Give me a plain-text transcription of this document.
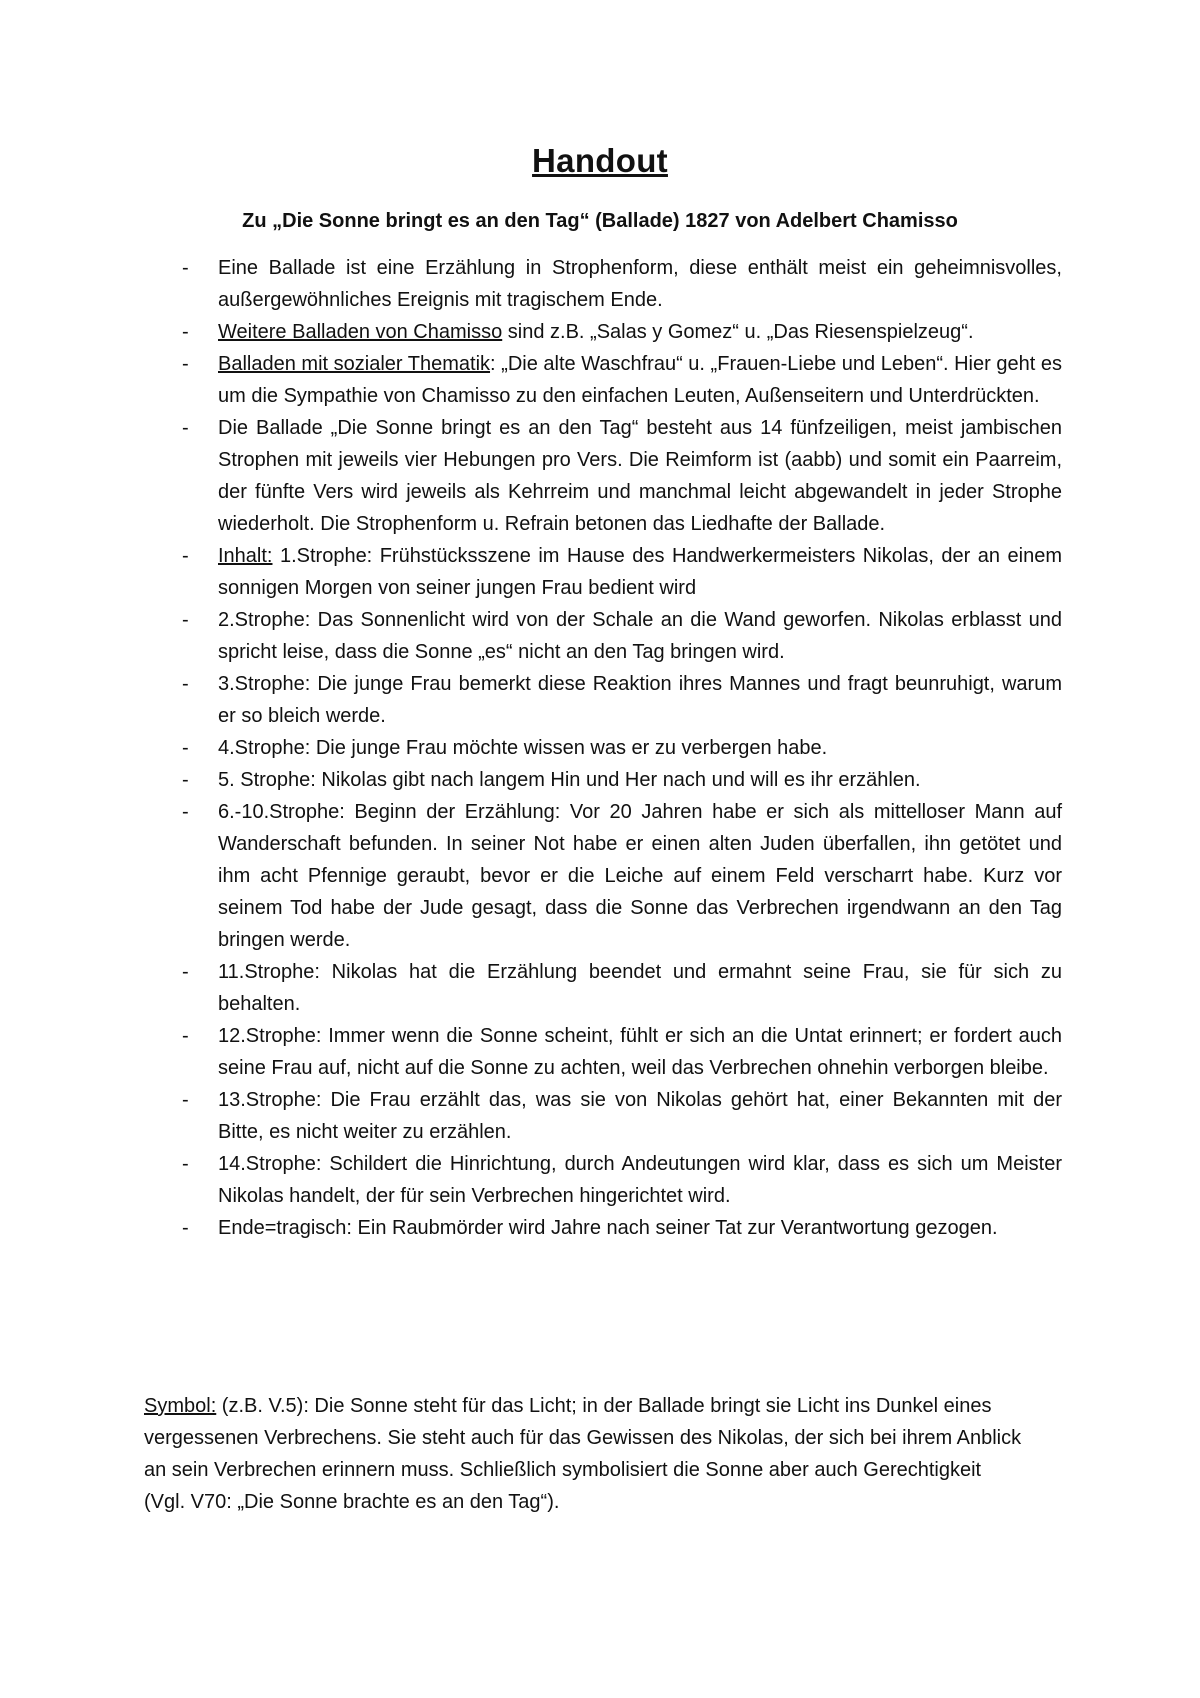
Handout
Zu „Die Sonne bringt es an den Tag“ (Ballade) 1827 von Adelbert Chamisso
- Eine Ballade ist eine Erzählung in Strophenform, diese enthält meist ein geheimnisvolles, außergewöhnliches Ereignis mit tragischem Ende.
- Weitere Balladen von Chamisso sind z.B. „Salas y Gomez“ u. „Das Riesenspielzeug“.
- Balladen mit sozialer Thematik: „Die alte Waschfrau“ u. „Frauen-Liebe und Leben“. Hier geht es um die Sympathie von Chamisso zu den einfachen Leuten, Außenseitern und Unterdrückten.
- Die Ballade „Die Sonne bringt es an den Tag“ besteht aus 14 fünfzeiligen, meist jambischen Strophen mit jeweils vier Hebungen pro Vers. Die Reimform ist (aabb) und somit ein Paarreim, der fünfte Vers wird jeweils als Kehrreim und manchmal leicht abgewandelt in jeder Strophe wiederholt. Die Strophenform u. Refrain betonen das Liedhafte der Ballade.
- Inhalt: 1.Strophe: Frühstücksszene im Hause des Handwerkermeisters Nikolas, der an einem sonnigen Morgen von seiner jungen Frau bedient wird
- 2.Strophe: Das Sonnenlicht wird von der Schale an die Wand geworfen. Nikolas erblasst und spricht leise, dass die Sonne „es“ nicht an den Tag bringen wird.
- 3.Strophe: Die junge Frau bemerkt diese Reaktion ihres Mannes und fragt beunruhigt, warum er so bleich werde.
- 4.Strophe: Die junge Frau möchte wissen was er zu verbergen habe.
- 5. Strophe: Nikolas gibt nach langem Hin und Her nach und will es ihr erzählen.
- 6.-10.Strophe: Beginn der Erzählung: Vor 20 Jahren habe er sich als mittelloser Mann auf Wanderschaft befunden. In seiner Not habe er einen alten Juden überfallen, ihn getötet und ihm acht Pfennige geraubt, bevor er die Leiche auf einem Feld verscharrt habe. Kurz vor seinem Tod habe der Jude gesagt, dass die Sonne das Verbrechen irgendwann an den Tag bringen werde.
- 11.Strophe: Nikolas hat die Erzählung beendet und ermahnt seine Frau, sie für sich zu behalten.
- 12.Strophe: Immer wenn die Sonne scheint, fühlt er sich an die Untat erinnert; er fordert auch seine Frau auf, nicht auf die Sonne zu achten, weil das Verbrechen ohnehin verborgen bleibe.
- 13.Strophe: Die Frau erzählt das, was sie von Nikolas gehört hat, einer Bekannten mit der Bitte, es nicht weiter zu erzählen.
- 14.Strophe: Schildert die Hinrichtung, durch Andeutungen wird klar, dass es sich um Meister Nikolas handelt, der für sein Verbrechen hingerichtet wird.
- Ende=tragisch: Ein Raubmörder wird Jahre nach seiner Tat zur Verantwortung gezogen.
Symbol: (z.B. V.5): Die Sonne steht für das Licht; in der Ballade bringt sie Licht ins Dunkel eines vergessenen Verbrechens. Sie steht auch für das Gewissen des Nikolas, der sich bei ihrem Anblick an sein Verbrechen erinnern muss. Schließlich symbolisiert die Sonne aber auch Gerechtigkeit (Vgl. V70: „Die Sonne brachte es an den Tag“).
